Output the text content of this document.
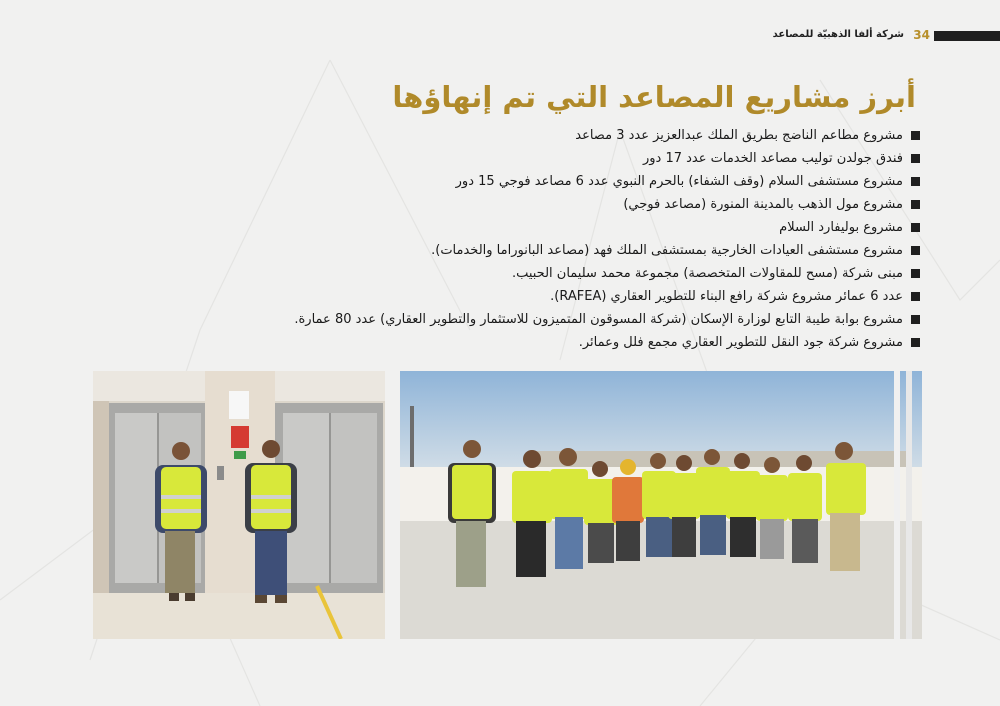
34
شركة ألفا الذهبيّة للمصاعد
أبرز مشاريع المصاعد التي تم إنهاؤها
مشروع مطاعم الناضج بطريق الملك عبدالعزيز عدد 3 مصاعد
فندق جولدن توليب مصاعد الخدمات عدد 17 دور
مشروع مستشفى السلام (وقف الشفاء) بالحرم النبوي عدد 6 مصاعد فوجي 15 دور
مشروع مول الذهب بالمدينة المنورة (مصاعد فوجي)
مشروع بوليفارد السلام
مشروع مستشفى العيادات الخارجية بمستشفى الملك فهد (مصاعد البانوراما والخدمات).
مبنى شركة (مسح للمقاولات المتخصصة) مجموعة محمد سليمان الحبيب.
عدد 6 عمائر مشروع شركة رافع البناء للتطوير العقاري (RAFEA).
مشروع بوابة طيبة التابع لوزارة الإسكان (شركة المسوقون المتميزون للاستثمار والتطوير العقاري) عدد 80 عمارة.
مشروع شركة جود النقل للتطوير العقاري مجمع فلل وعمائر.
